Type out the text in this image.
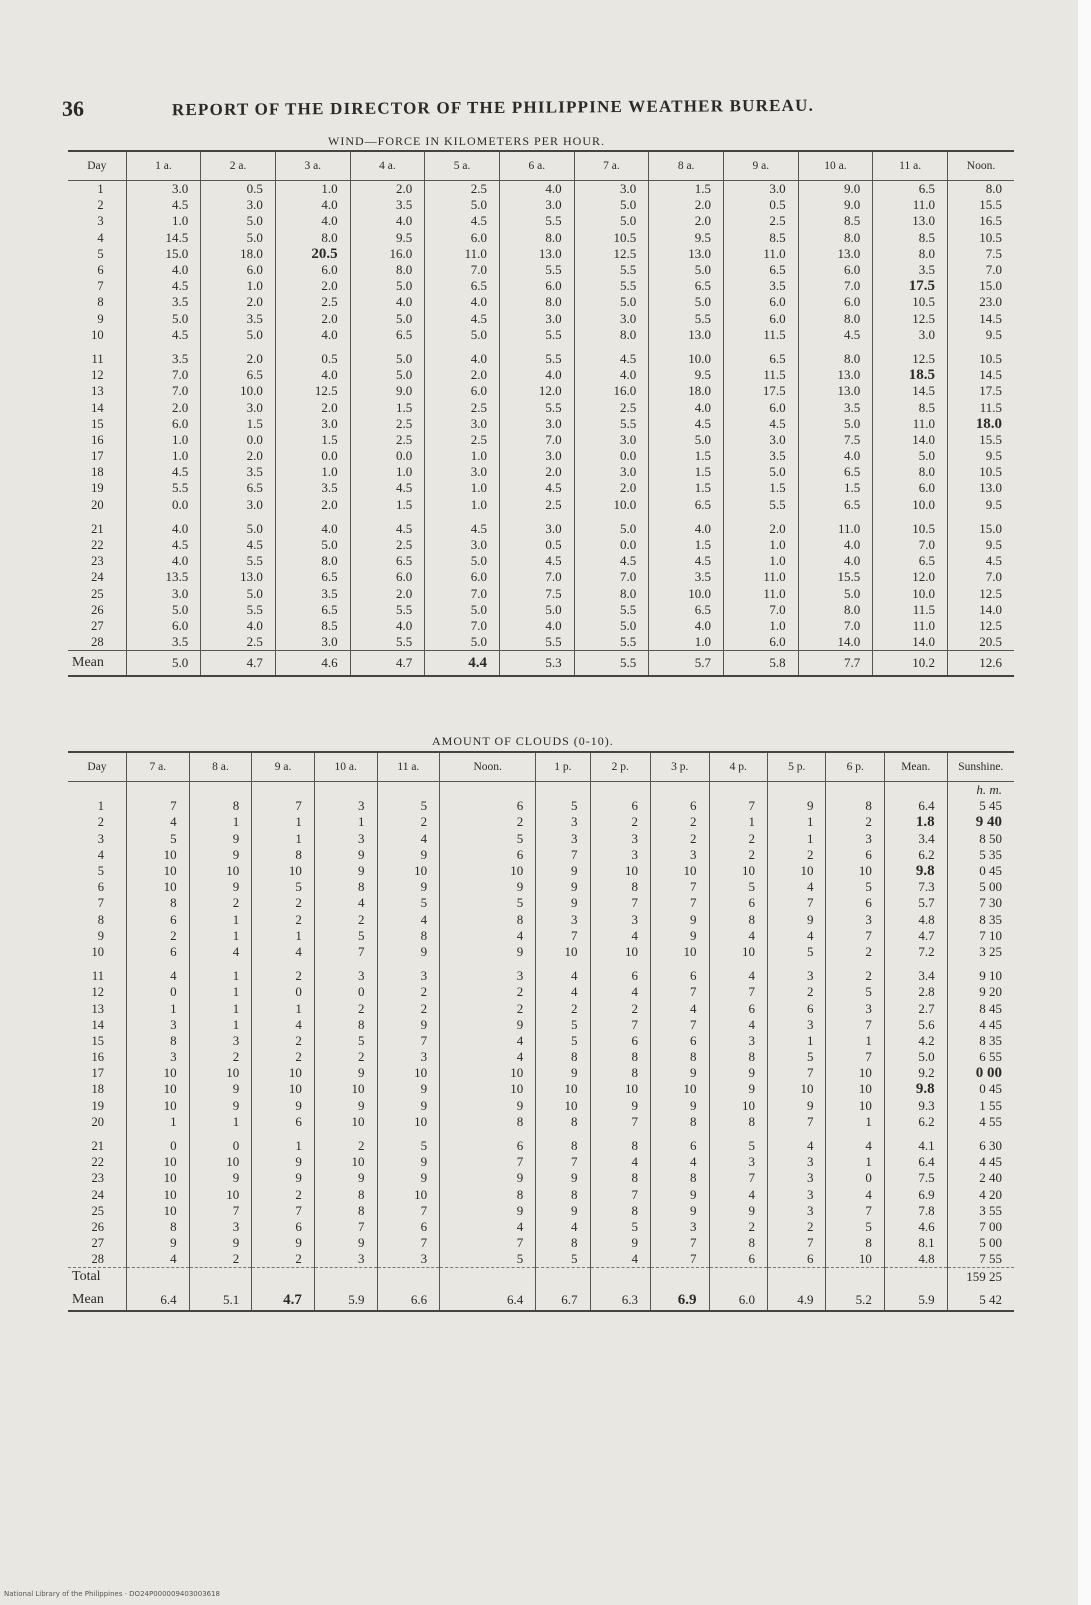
36	REPORT OF THE DIRECTOR OF THE PHILIPPINE WEATHER BUREAU.
WIND—FORCE IN KILOMETERS PER HOUR.
Day	1 a.	2 a.	3 a.	4 a.	5 a.	6 a.	7 a.	8 a.	9 a.	10 a.	11 a.	Noon.
1	3.0	0.5	1.0	2.0	2.5	4.0	3.0	1.5	3.0	9.0	6.5	8.0
2	4.5	3.0	4.0	3.5	5.0	3.0	5.0	2.0	0.5	9.0	11.0	15.5
3	1.0	5.0	4.0	4.0	4.5	5.5	5.0	2.0	2.5	8.5	13.0	16.5
4	14.5	5.0	8.0	9.5	6.0	8.0	10.5	9.5	8.5	8.0	8.5	10.5
5	15.0	18.0	20.5	16.0	11.0	13.0	12.5	13.0	11.0	13.0	8.0	7.5
6	4.0	6.0	6.0	8.0	7.0	5.5	5.5	5.0	6.5	6.0	3.5	7.0
7	4.5	1.0	2.0	5.0	6.5	6.0	5.5	6.5	3.5	7.0	17.5	15.0
8	3.5	2.0	2.5	4.0	4.0	8.0	5.0	5.0	6.0	6.0	10.5	23.0
9	5.0	3.5	2.0	5.0	4.5	3.0	3.0	5.5	6.0	8.0	12.5	14.5
10	4.5	5.0	4.0	6.5	5.0	5.5	8.0	13.0	11.5	4.5	3.0	9.5
11	3.5	2.0	0.5	5.0	4.0	5.5	4.5	10.0	6.5	8.0	12.5	10.5
12	7.0	6.5	4.0	5.0	2.0	4.0	4.0	9.5	11.5	13.0	18.5	14.5
13	7.0	10.0	12.5	9.0	6.0	12.0	16.0	18.0	17.5	13.0	14.5	17.5
14	2.0	3.0	2.0	1.5	2.5	5.5	2.5	4.0	6.0	3.5	8.5	11.5
15	6.0	1.5	3.0	2.5	3.0	3.0	5.5	4.5	4.5	5.0	11.0	18.0
16	1.0	0.0	1.5	2.5	2.5	7.0	3.0	5.0	3.0	7.5	14.0	15.5
17	1.0	2.0	0.0	0.0	1.0	3.0	0.0	1.5	3.5	4.0	5.0	9.5
18	4.5	3.5	1.0	1.0	3.0	2.0	3.0	1.5	5.0	6.5	8.0	10.5
19	5.5	6.5	3.5	4.5	1.0	4.5	2.0	1.5	1.5	1.5	6.0	13.0
20	0.0	3.0	2.0	1.5	1.0	2.5	10.0	6.5	5.5	6.5	10.0	9.5
21	4.0	5.0	4.0	4.5	4.5	3.0	5.0	4.0	2.0	11.0	10.5	15.0
22	4.5	4.5	5.0	2.5	3.0	0.5	0.0	1.5	1.0	4.0	7.0	9.5
23	4.0	5.5	8.0	6.5	5.0	4.5	4.5	4.5	1.0	4.0	6.5	4.5
24	13.5	13.0	6.5	6.0	6.0	7.0	7.0	3.5	11.0	15.5	12.0	7.0
25	3.0	5.0	3.5	2.0	7.0	7.5	8.0	10.0	11.0	5.0	10.0	12.5
26	5.0	5.5	6.5	5.5	5.0	5.0	5.5	6.5	7.0	8.0	11.5	14.0
27	6.0	4.0	8.5	4.0	7.0	4.0	5.0	4.0	1.0	7.0	11.0	12.5
28	3.5	2.5	3.0	5.5	5.0	5.5	5.5	1.0	6.0	14.0	14.0	20.5
Mean	5.0	4.7	4.6	4.7	4.4	5.3	5.5	5.7	5.8	7.7	10.2	12.6
AMOUNT OF CLOUDS (0-10).
Day	7 a.	8 a.	9 a.	10 a.	11 a.	Noon.	1 p.	2 p.	3 p.	4 p.	5 p.	6 p.	Mean.	Sunshine.
														h. m.
1	7	8	7	3	5	6	5	6	6	7	9	8	6.4	5 45
2	4	1	1	1	2	2	3	2	2	1	1	2	1.8	9 40
3	5	9	1	3	4	5	3	3	2	2	1	3	3.4	8 50
4	10	9	8	9	9	6	7	3	3	2	2	6	6.2	5 35
5	10	10	10	9	10	10	9	10	10	10	10	10	9.8	0 45
6	10	9	5	8	9	9	9	8	7	5	4	5	7.3	5 00
7	8	2	2	4	5	5	9	7	7	6	7	6	5.7	7 30
8	6	1	2	2	4	8	3	3	9	8	9	3	4.8	8 35
9	2	1	1	5	8	4	7	4	9	4	4	7	4.7	7 10
10	6	4	4	7	9	9	10	10	10	10	5	2	7.2	3 25
11	4	1	2	3	3	3	4	6	6	4	3	2	3.4	9 10
12	0	1	0	0	2	2	4	4	7	7	2	5	2.8	9 20
13	1	1	1	2	2	2	2	2	4	6	6	3	2.7	8 45
14	3	1	4	8	9	9	5	7	7	4	3	7	5.6	4 45
15	8	3	2	5	7	4	5	6	6	3	1	1	4.2	8 35
16	3	2	2	2	3	4	8	8	8	8	5	7	5.0	6 55
17	10	10	10	9	10	10	9	8	9	9	7	10	9.2	0 00
18	10	9	10	10	9	10	10	10	10	9	10	10	9.8	0 45
19	10	9	9	9	9	9	10	9	9	10	9	10	9.3	1 55
20	1	1	6	10	10	8	8	7	8	8	7	1	6.2	4 55
21	0	0	1	2	5	6	8	8	6	5	4	4	4.1	6 30
22	10	10	9	10	9	7	7	4	4	3	3	1	6.4	4 45
23	10	9	9	9	9	9	9	8	8	7	3	0	7.5	2 40
24	10	10	2	8	10	8	8	7	9	4	3	4	6.9	4 20
25	10	7	7	8	7	9	9	8	9	9	3	7	7.8	3 55
26	8	3	6	7	6	4	4	5	3	2	2	5	4.6	7 00
27	9	9	9	9	7	7	8	9	7	8	7	8	8.1	5 00
28	4	2	2	3	3	5	5	4	7	6	6	10	4.8	7 55
Total														159 25
Mean	6.4	5.1	4.7	5.9	6.6	6.4	6.7	6.3	6.9	6.0	4.9	5.2	5.9	5 42
National Library of the Philippines · DO24P000009403003618
